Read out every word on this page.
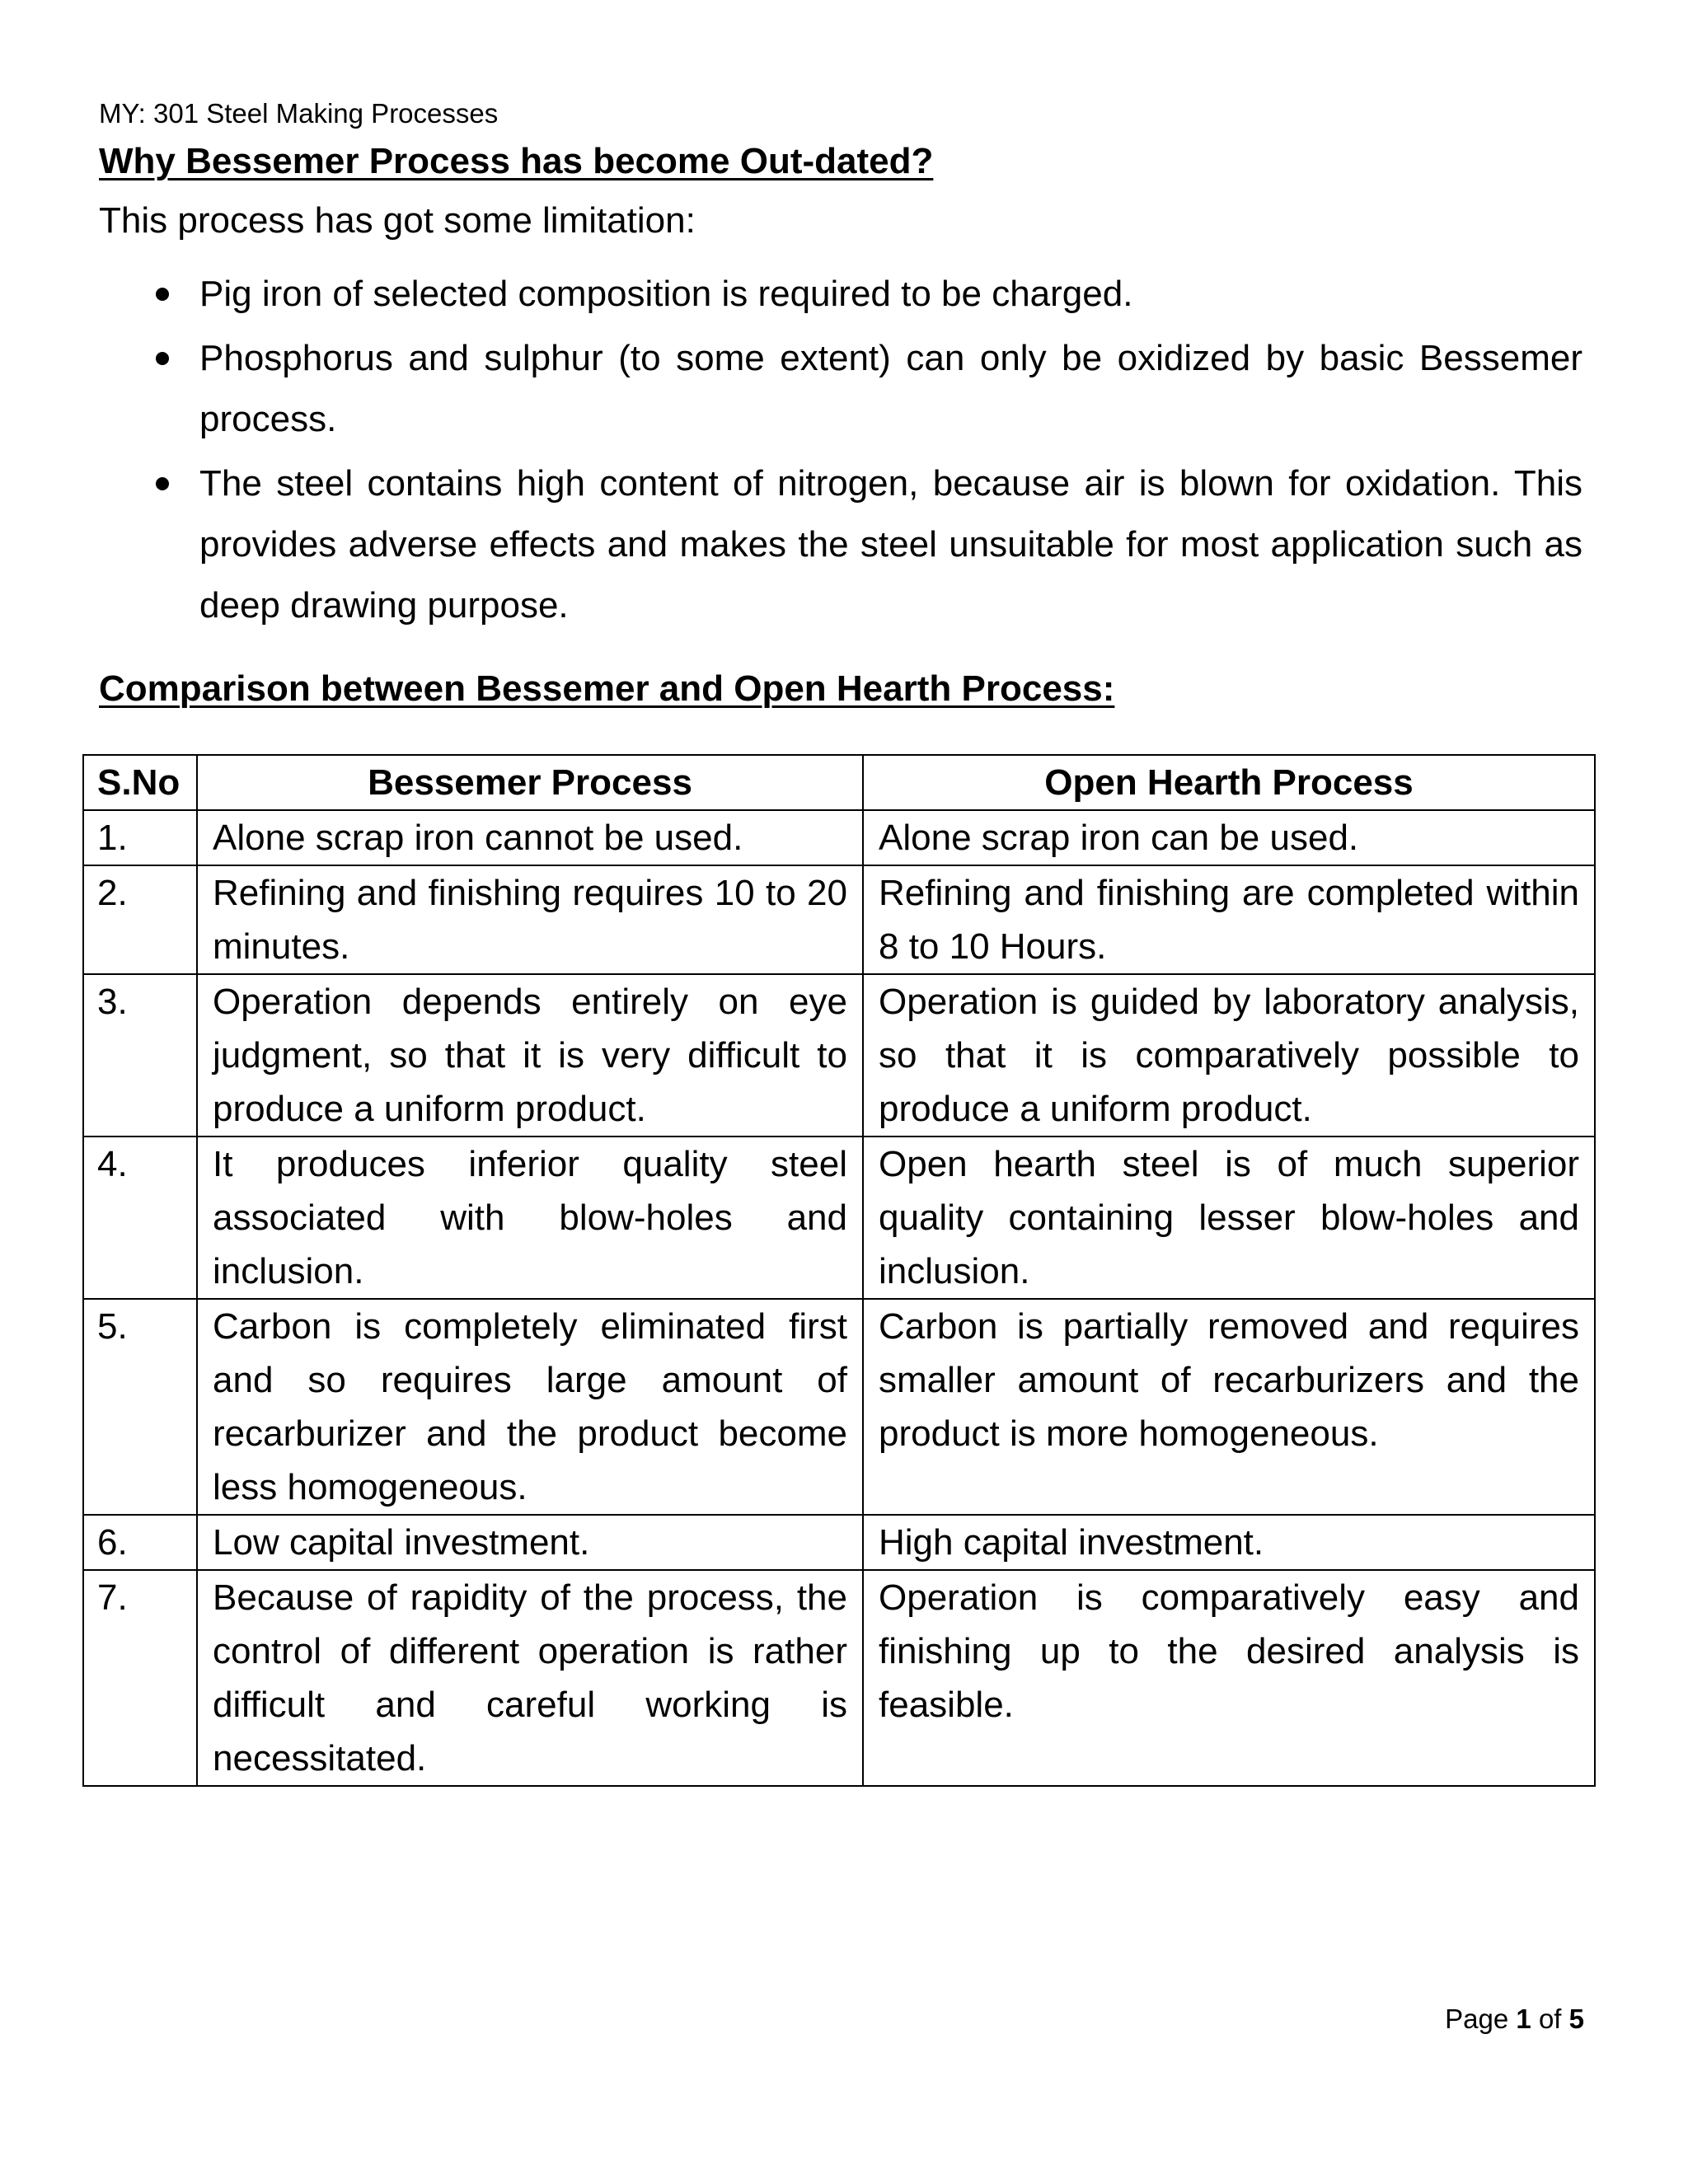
MY: 301 Steel Making Processes
Why Bessemer Process has become Out-dated?
This process has got some limitation:
Pig iron of selected composition is required to be charged.
Phosphorus and sulphur (to some extent) can only be oxidized by basic Bessemer process.
The steel contains high content of nitrogen, because air is blown for oxidation. This provides adverse effects and makes the steel unsuitable for most application such as deep drawing purpose.
Comparison between Bessemer and Open Hearth Process:
S.No	Bessemer Process	Open Hearth Process
1.	Alone scrap iron cannot be used.	Alone scrap iron can be used.
2.	Refining and finishing requires 10 to 20 minutes.	Refining and finishing are completed within 8 to 10 Hours.
3.	Operation depends entirely on eye judgment, so that it is very difficult to produce a uniform product.	Operation is guided by laboratory analysis, so that it is comparatively possible to produce a uniform product.
4.	It produces inferior quality steel associated with blow-holes and inclusion.	Open hearth steel is of much superior quality containing lesser blow-holes and inclusion.
5.	Carbon is completely eliminated first and so requires large amount of recarburizer and the product become less homogeneous.	Carbon is partially removed and requires smaller amount of recarburizers and the product is more homogeneous.
6.	Low capital investment.	High capital investment.
7.	Because of rapidity of the process, the control of different operation is rather difficult and careful working is necessitated.	Operation is comparatively easy and finishing up to the desired analysis is feasible.
Page 1 of 5
